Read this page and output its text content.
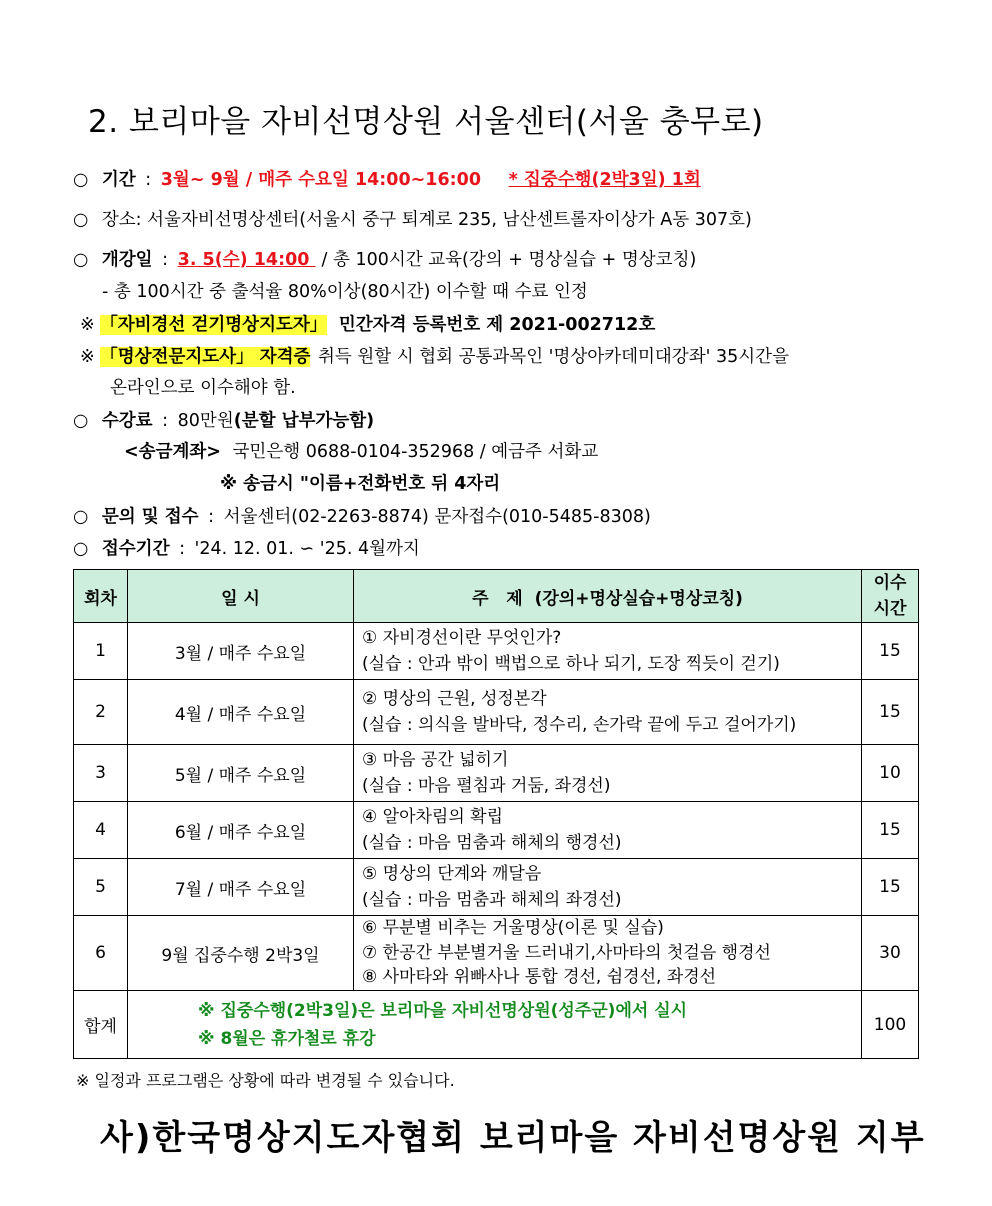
2. 보리마을 자비선명상원 서울센터(서울 충무로)
○ 기간 : 3월~ 9월 / 매주 수요일 14:00~16:00 * 집중수행(2박3일) 1회
○ 장소: 서울자비선명상센터(서울시 중구 퇴계로 235, 남산센트롤자이상가 A동 307호)
○ 개강일 : 3. 5(수) 14:00 / 총 100시간 교육(강의 + 명상실습 + 명상코칭)
- 총 100시간 중 출석율 80%이상(80시간) 이수할 때 수료 인정
※ 「자비경선 걷기명상지도자」 민간자격 등록번호 제 2021-002712호
※ 「명상전문지도사」 자격증 취득 원할 시 협회 공통과목인 '명상아카데미대강좌' 35시간을
온라인으로 이수해야 함.
○ 수강료 : 80만원(분할 납부가능함)
<송금계좌> 국민은행 0688-0104-352968 / 예금주 서화교
※ 송금시 "이름+전화번호 뒤 4자리
○ 문의 및 접수 : 서울센터(02-2263-8874) 문자접수(010-5485-8308)
○ 접수기간 : '24. 12. 01. ∽ '25. 4월까지
회차	일 시	주   제 (강의+명상실습+명상코칭)	이수
시간

1	3월 / 매주 수요일	① 자비경선이란 무엇인가?
(실습 : 안과 밖이 백법으로 하나 되기, 도장 찍듯이 걷기)	15
2	4월 / 매주 수요일	② 명상의 근원, 성정본각
(실습 : 의식을 발바닥, 정수리, 손가락 끝에 두고 걸어가기)	15
3	5월 / 매주 수요일	③ 마음 공간 넓히기
(실습 : 마음 펼침과 거둠, 좌경선)	10
4	6월 / 매주 수요일	④ 알아차림의 확립
(실습 : 마음 멈춤과 해체의 행경선)	15
5	7월 / 매주 수요일	⑤ 명상의 단계와 깨달음
(실습 : 마음 멈춤과 해체의 좌경선)	15
6	9월 집중수행 2박3일	⑥ 무분별 비추는 거울명상(이론 및 실습)
⑦ 한공간 부분별거울 드러내기,사마타의 첫걸음 행경선
⑧ 사마타와 위빠사나 통합 경선, 쉼경선, 좌경선	30
합계	※ 집중수행(2박3일)은 보리마을 자비선명상원(성주군)에서 실시
※ 8월은 휴가철로 휴강		100
※ 일정과 프로그램은 상황에 따라 변경될 수 있습니다.
사)한국명상지도자협회 보리마을 자비선명상원 지부
